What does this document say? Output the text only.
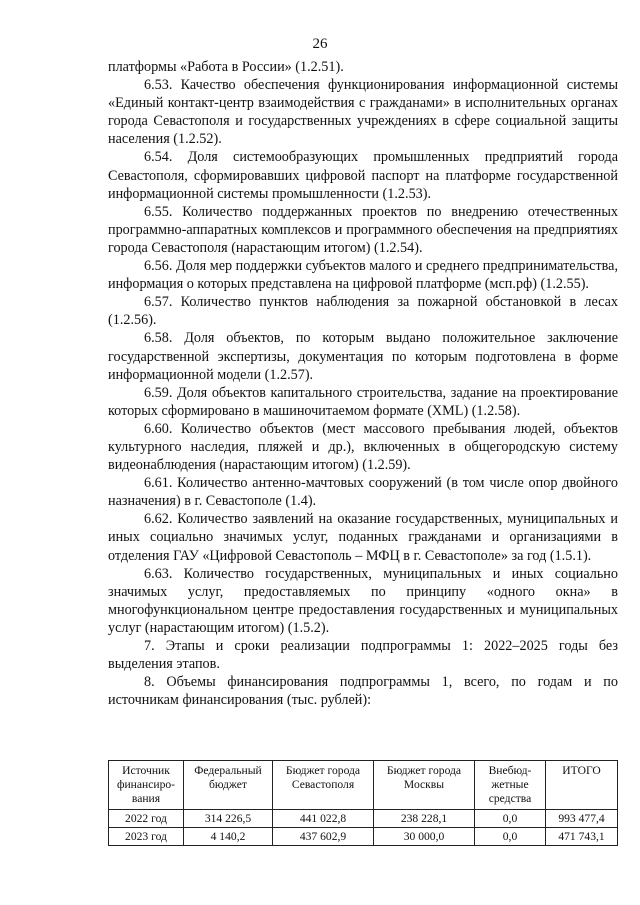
26

платформы «Работа в России» (1.2.51).

6.53. Качество обеспечения функционирования информационной системы «Единый контакт-центр взаимодействия с гражданами» в исполнительных органах города Севастополя и государственных учреждениях в сфере социальной защиты населения (1.2.52).

6.54. Доля системообразующих промышленных предприятий города Севастополя, сформировавших цифровой паспорт на платформе государственной информационной системы промышленности (1.2.53).

6.55. Количество поддержанных проектов по внедрению отечественных программно-аппаратных комплексов и программного обеспечения на предприятиях города Севастополя (нарастающим итогом) (1.2.54).

6.56. Доля мер поддержки субъектов малого и среднего предпринимательства, информация о которых представлена на цифровой платформе (мсп.рф) (1.2.55).

6.57. Количество пунктов наблюдения за пожарной обстановкой в лесах (1.2.56).

6.58. Доля объектов, по которым выдано положительное заключение государственной экспертизы, документация по которым подготовлена в форме информационной модели (1.2.57).

6.59. Доля объектов капитального строительства, задание на проектирование которых сформировано в машиночитаемом формате (XML) (1.2.58).

6.60. Количество объектов (мест массового пребывания людей, объектов культурного наследия, пляжей и др.), включенных в общегородскую систему видеонаблюдения (нарастающим итогом) (1.2.59).

6.61. Количество антенно-мачтовых сооружений (в том числе опор двойного назначения) в г. Севастополе (1.4).

6.62. Количество заявлений на оказание государственных, муниципальных и иных социально значимых услуг, поданных гражданами и организациями в отделения ГАУ «Цифровой Севастополь – МФЦ в г. Севастополе» за год (1.5.1).

6.63. Количество государственных, муниципальных и иных социально значимых услуг, предоставляемых по принципу «одного окна» в многофункциональном центре предоставления государственных и муниципальных услуг (нарастающим итогом) (1.5.2).

7. Этапы и сроки реализации подпрограммы 1: 2022–2025 годы без выделения этапов.

8. Объемы финансирования подпрограммы 1, всего, по годам и по источникам финансирования (тыс. рублей):

Источник финансиро-вания	Федеральный бюджет	Бюджет города Севастополя	Бюджет города Москвы	Внебюд-жетные средства	ИТОГО
2022 год	314 226,5	441 022,8	238 228,1	0,0	993 477,4
2023 год	4 140,2	437 602,9	30 000,0	0,0	471 743,1
